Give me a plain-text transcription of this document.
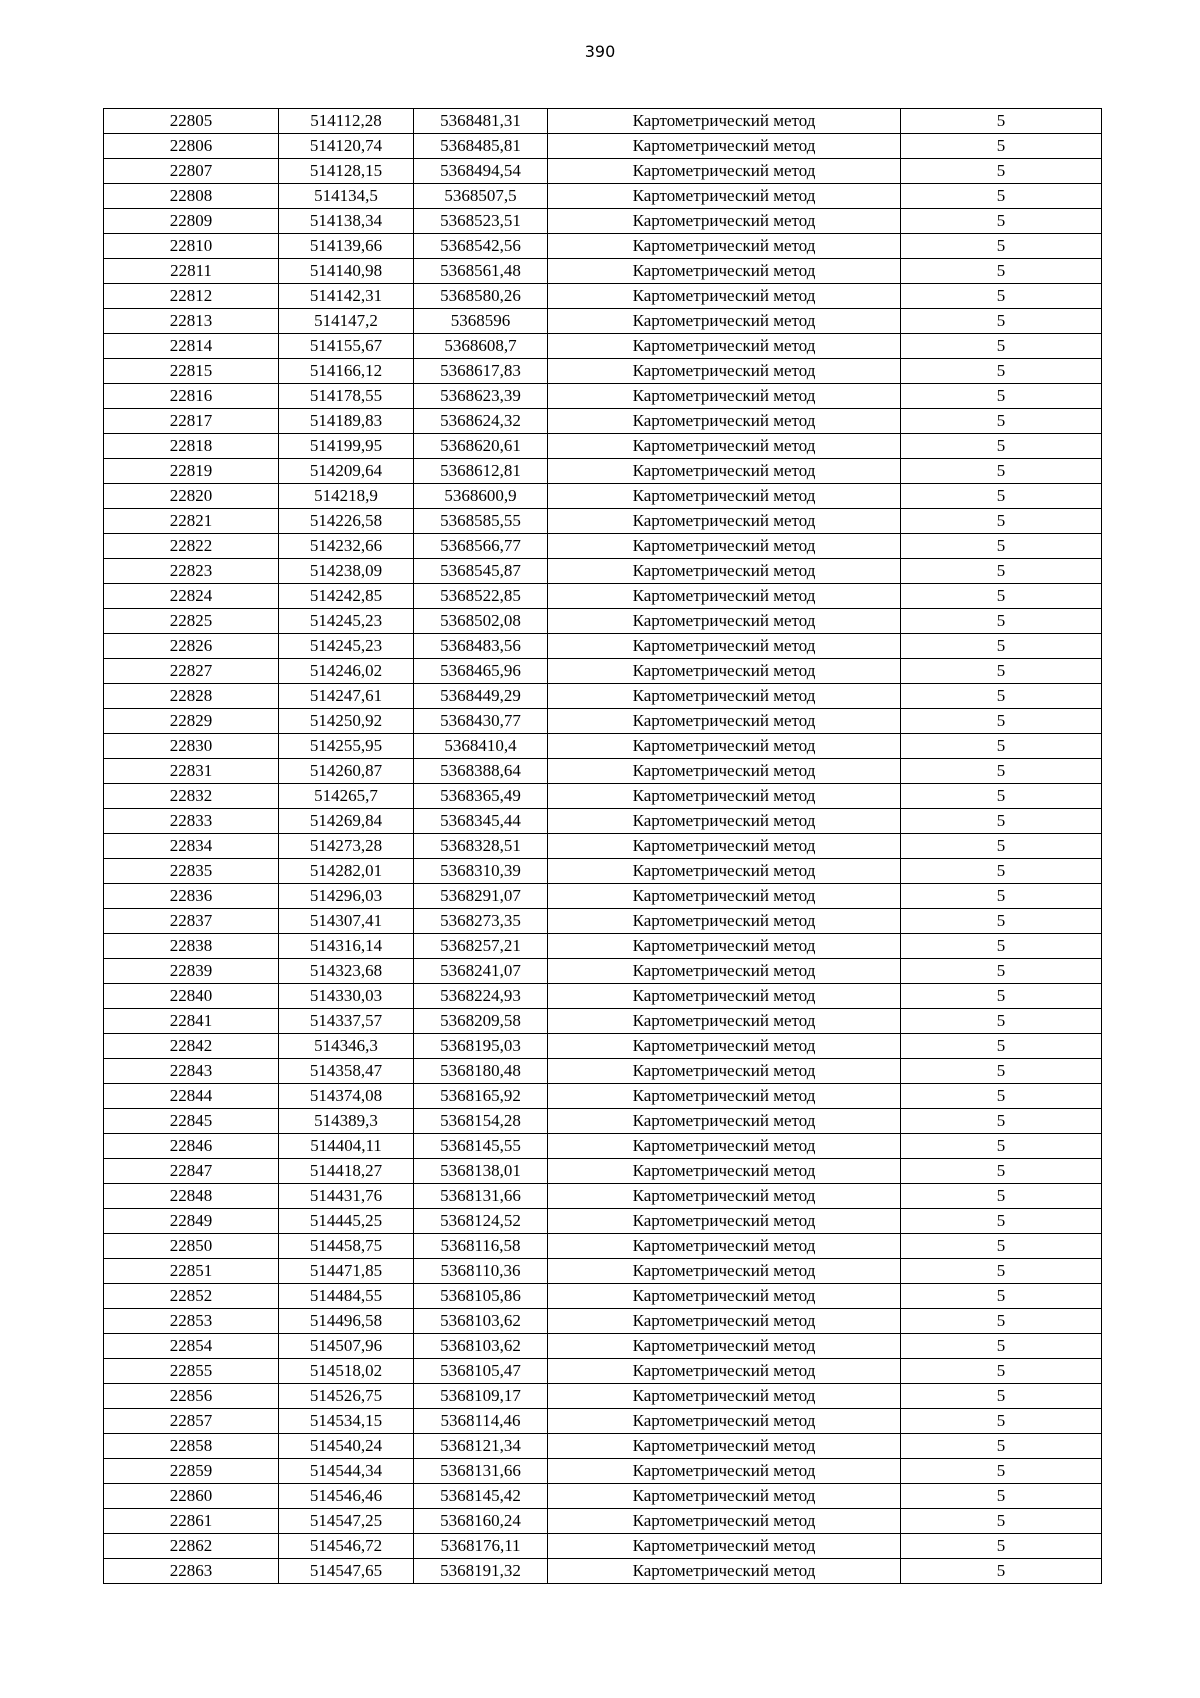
390
22805	514112,28	5368481,31	Картометрический метод	5
22806	514120,74	5368485,81	Картометрический метод	5
22807	514128,15	5368494,54	Картометрический метод	5
22808	514134,5	5368507,5	Картометрический метод	5
22809	514138,34	5368523,51	Картометрический метод	5
22810	514139,66	5368542,56	Картометрический метод	5
22811	514140,98	5368561,48	Картометрический метод	5
22812	514142,31	5368580,26	Картометрический метод	5
22813	514147,2	5368596	Картометрический метод	5
22814	514155,67	5368608,7	Картометрический метод	5
22815	514166,12	5368617,83	Картометрический метод	5
22816	514178,55	5368623,39	Картометрический метод	5
22817	514189,83	5368624,32	Картометрический метод	5
22818	514199,95	5368620,61	Картометрический метод	5
22819	514209,64	5368612,81	Картометрический метод	5
22820	514218,9	5368600,9	Картометрический метод	5
22821	514226,58	5368585,55	Картометрический метод	5
22822	514232,66	5368566,77	Картометрический метод	5
22823	514238,09	5368545,87	Картометрический метод	5
22824	514242,85	5368522,85	Картометрический метод	5
22825	514245,23	5368502,08	Картометрический метод	5
22826	514245,23	5368483,56	Картометрический метод	5
22827	514246,02	5368465,96	Картометрический метод	5
22828	514247,61	5368449,29	Картометрический метод	5
22829	514250,92	5368430,77	Картометрический метод	5
22830	514255,95	5368410,4	Картометрический метод	5
22831	514260,87	5368388,64	Картометрический метод	5
22832	514265,7	5368365,49	Картометрический метод	5
22833	514269,84	5368345,44	Картометрический метод	5
22834	514273,28	5368328,51	Картометрический метод	5
22835	514282,01	5368310,39	Картометрический метод	5
22836	514296,03	5368291,07	Картометрический метод	5
22837	514307,41	5368273,35	Картометрический метод	5
22838	514316,14	5368257,21	Картометрический метод	5
22839	514323,68	5368241,07	Картометрический метод	5
22840	514330,03	5368224,93	Картометрический метод	5
22841	514337,57	5368209,58	Картометрический метод	5
22842	514346,3	5368195,03	Картометрический метод	5
22843	514358,47	5368180,48	Картометрический метод	5
22844	514374,08	5368165,92	Картометрический метод	5
22845	514389,3	5368154,28	Картометрический метод	5
22846	514404,11	5368145,55	Картометрический метод	5
22847	514418,27	5368138,01	Картометрический метод	5
22848	514431,76	5368131,66	Картометрический метод	5
22849	514445,25	5368124,52	Картометрический метод	5
22850	514458,75	5368116,58	Картометрический метод	5
22851	514471,85	5368110,36	Картометрический метод	5
22852	514484,55	5368105,86	Картометрический метод	5
22853	514496,58	5368103,62	Картометрический метод	5
22854	514507,96	5368103,62	Картометрический метод	5
22855	514518,02	5368105,47	Картометрический метод	5
22856	514526,75	5368109,17	Картометрический метод	5
22857	514534,15	5368114,46	Картометрический метод	5
22858	514540,24	5368121,34	Картометрический метод	5
22859	514544,34	5368131,66	Картометрический метод	5
22860	514546,46	5368145,42	Картометрический метод	5
22861	514547,25	5368160,24	Картометрический метод	5
22862	514546,72	5368176,11	Картометрический метод	5
22863	514547,65	5368191,32	Картометрический метод	5
